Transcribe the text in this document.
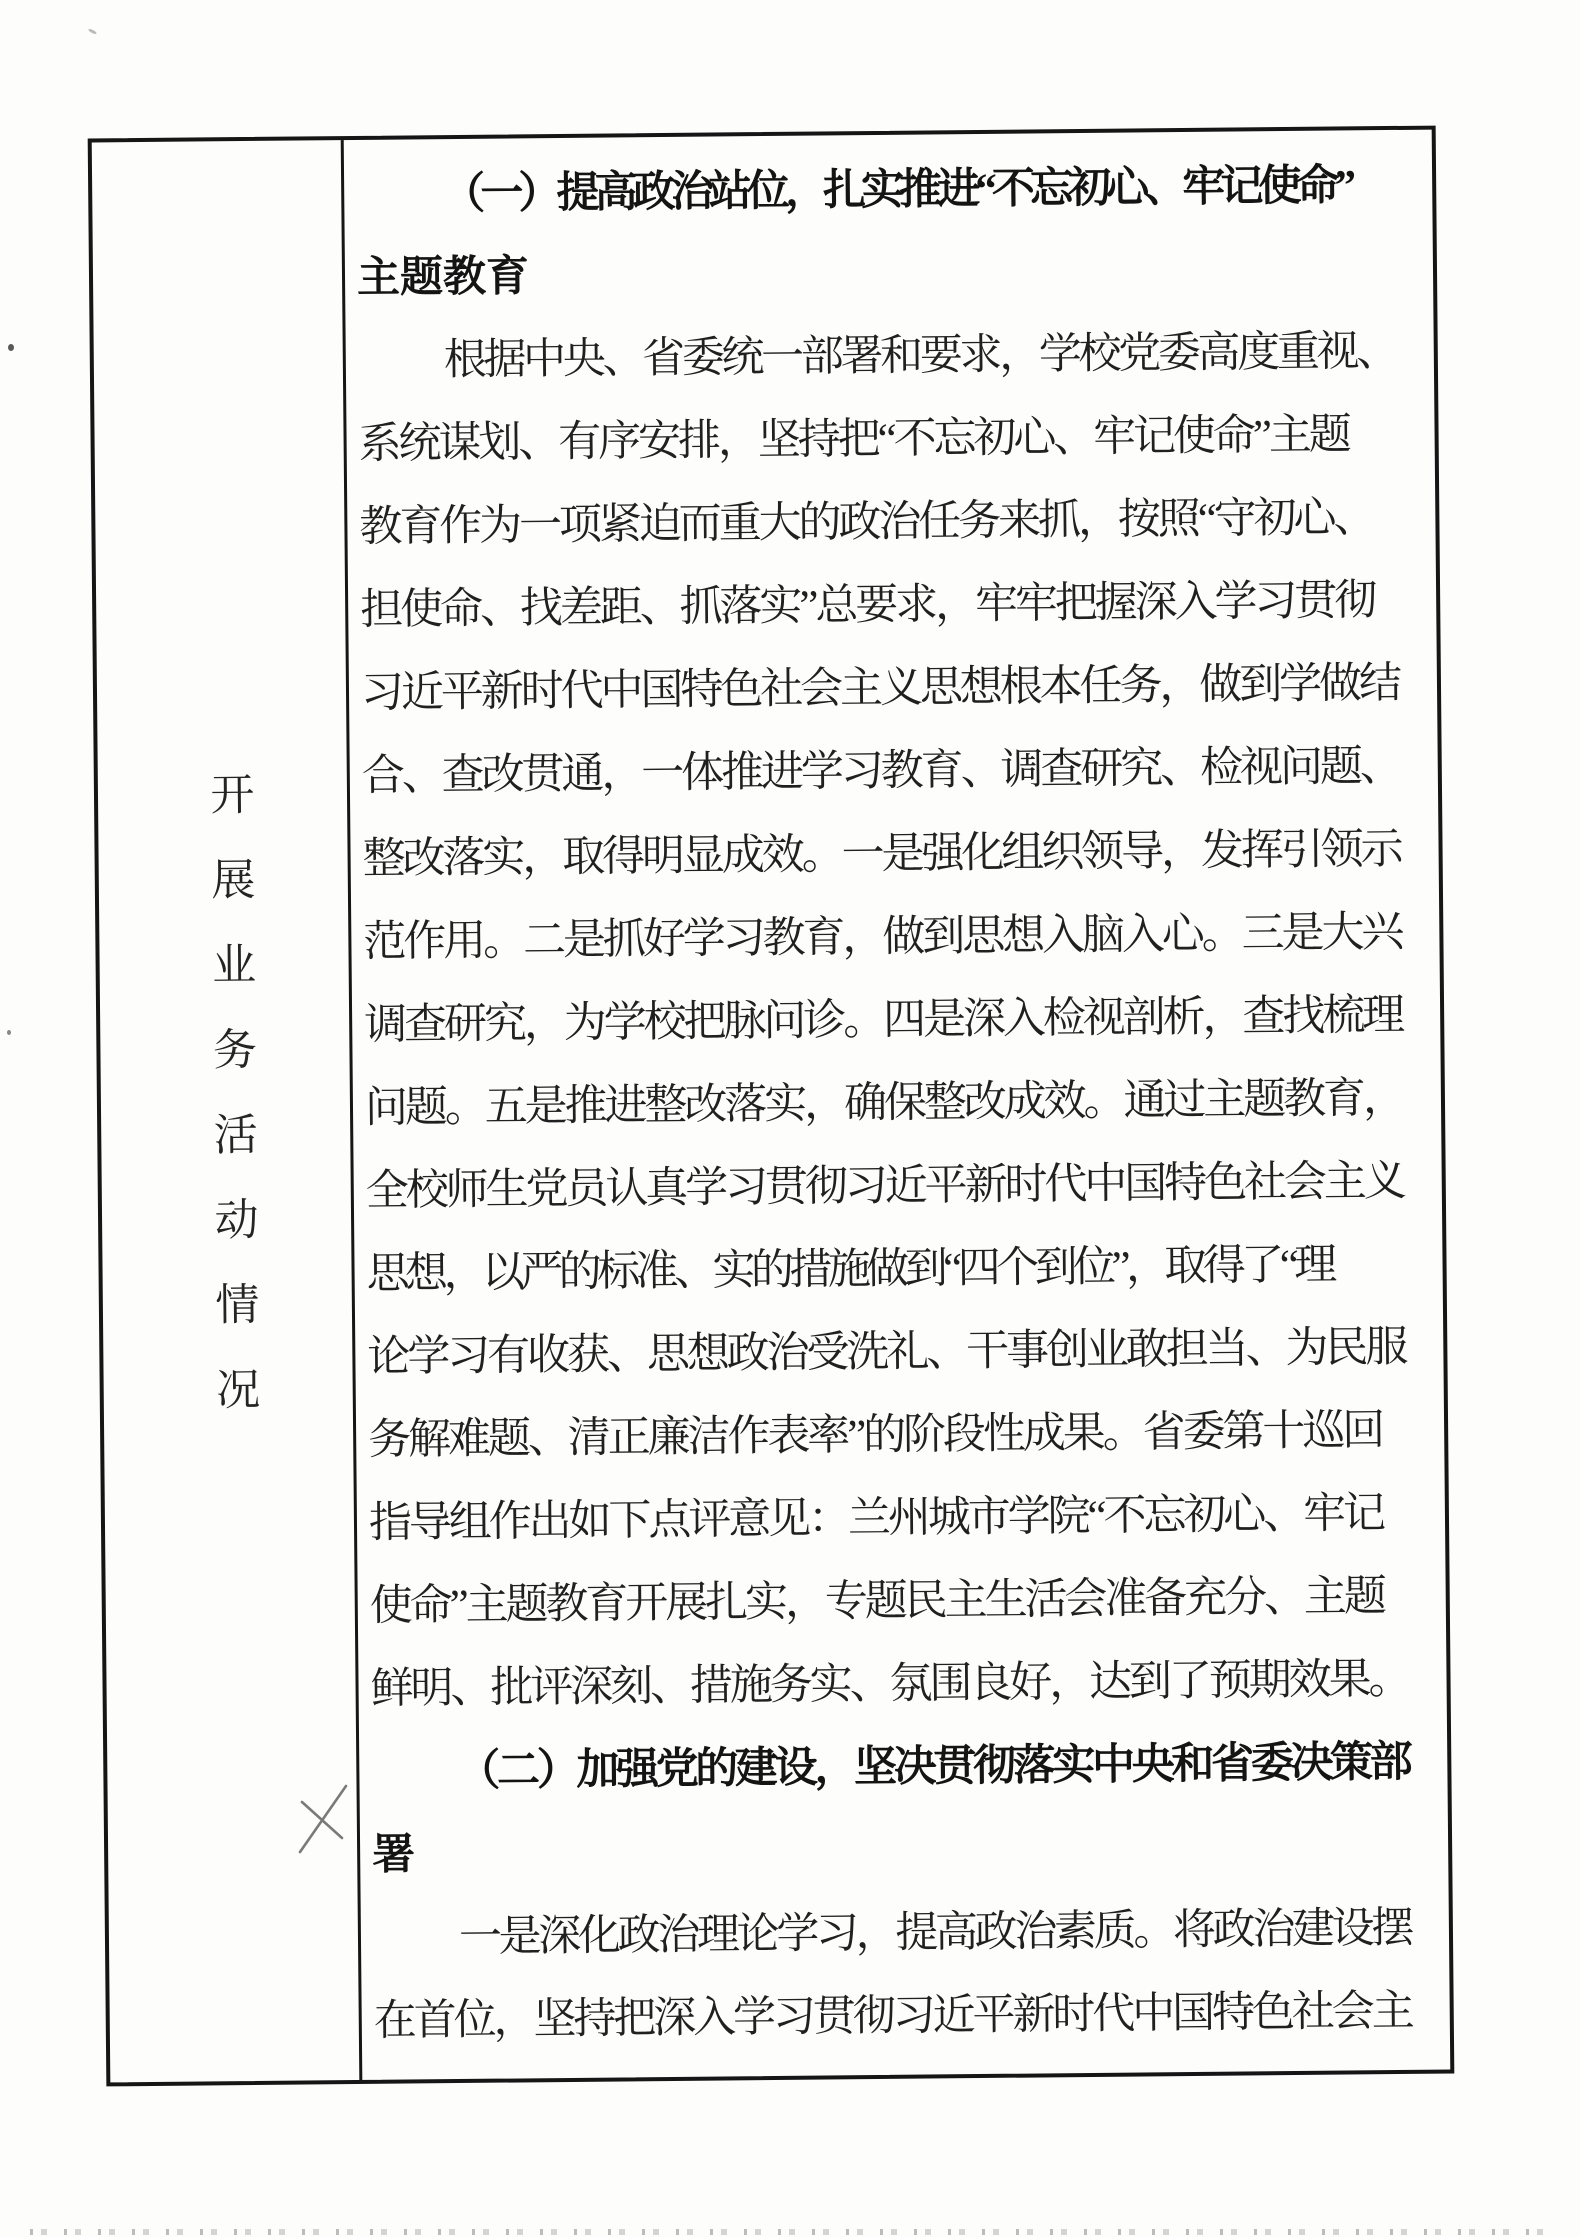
开展业务活动情况
（一）提高政治站位，扎实推进“不忘初心、牢记使命”
主题教育
根据中央、省委统一部署和要求，学校党委高度重视、
系统谋划、有序安排，坚持把“不忘初心、牢记使命”主题
教育作为一项紧迫而重大的政治任务来抓，按照“守初心、
担使命、找差距、抓落实”总要求，牢牢把握深入学习贯彻
习近平新时代中国特色社会主义思想根本任务，做到学做结
合、查改贯通，一体推进学习教育、调查研究、检视问题、
整改落实，取得明显成效。一是强化组织领导，发挥引领示
范作用。二是抓好学习教育，做到思想入脑入心。三是大兴
调查研究，为学校把脉问诊。四是深入检视剖析，查找梳理
问题。五是推进整改落实，确保整改成效。通过主题教育，
全校师生党员认真学习贯彻习近平新时代中国特色社会主义
思想，以严的标准、实的措施做到“四个到位”，取得了“理
论学习有收获、思想政治受洗礼、干事创业敢担当、为民服
务解难题、清正廉洁作表率”的阶段性成果。省委第十巡回
指导组作出如下点评意见：兰州城市学院“不忘初心、牢记
使命”主题教育开展扎实，专题民主生活会准备充分、主题
鲜明、批评深刻、措施务实、氛围良好，达到了预期效果。
（二）加强党的建设，坚决贯彻落实中央和省委决策部
署
一是深化政治理论学习，提高政治素质。将政治建设摆
在首位，坚持把深入学习贯彻习近平新时代中国特色社会主
